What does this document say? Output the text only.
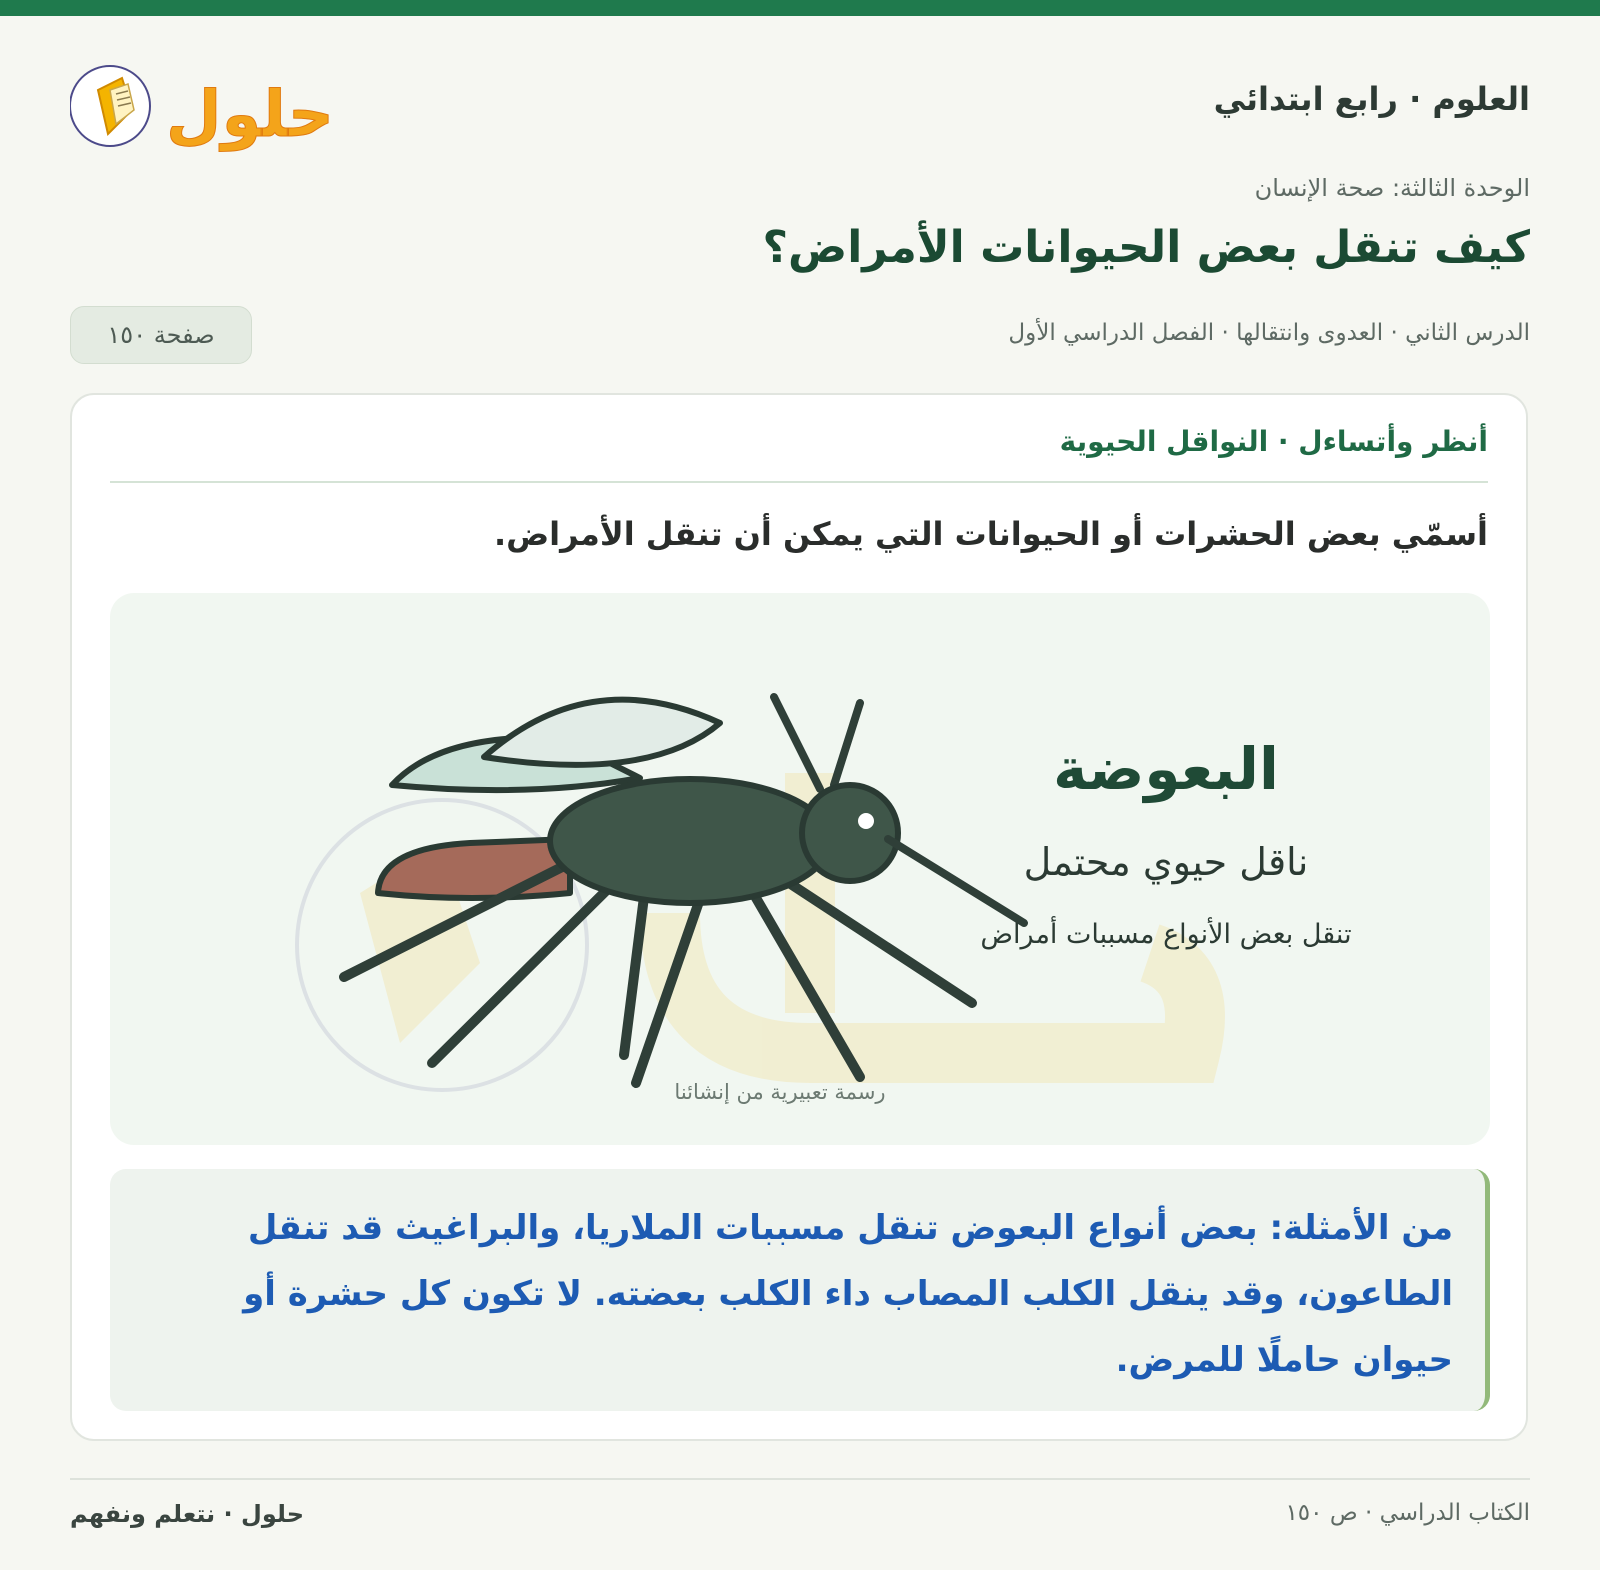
العلوم · رابع ابتدائي
حلول
الوحدة الثالثة: صحة الإنسان
كيف تنقل بعض الحيوانات الأمراض؟
الدرس الثاني · العدوى وانتقالها · الفصل الدراسي الأول
صفحة ١٥٠
أنظر وأتساءل · النواقل الحيوية
أسمّي بعض الحشرات أو الحيوانات التي يمكن أن تنقل الأمراض.
البعوضة
ناقل حيوي محتمل
تنقل بعض الأنواع مسببات أمراض
رسمة تعبيرية من إنشائنا
من الأمثلة: بعض أنواع البعوض تنقل مسببات الملاريا، والبراغيث قد تنقل الطاعون، وقد ينقل الكلب المصاب داء الكلب بعضته. لا تكون كل حشرة أو حيوان حاملًا للمرض.
الكتاب الدراسي · ص ١٥٠
حلول · نتعلم ونفهم
